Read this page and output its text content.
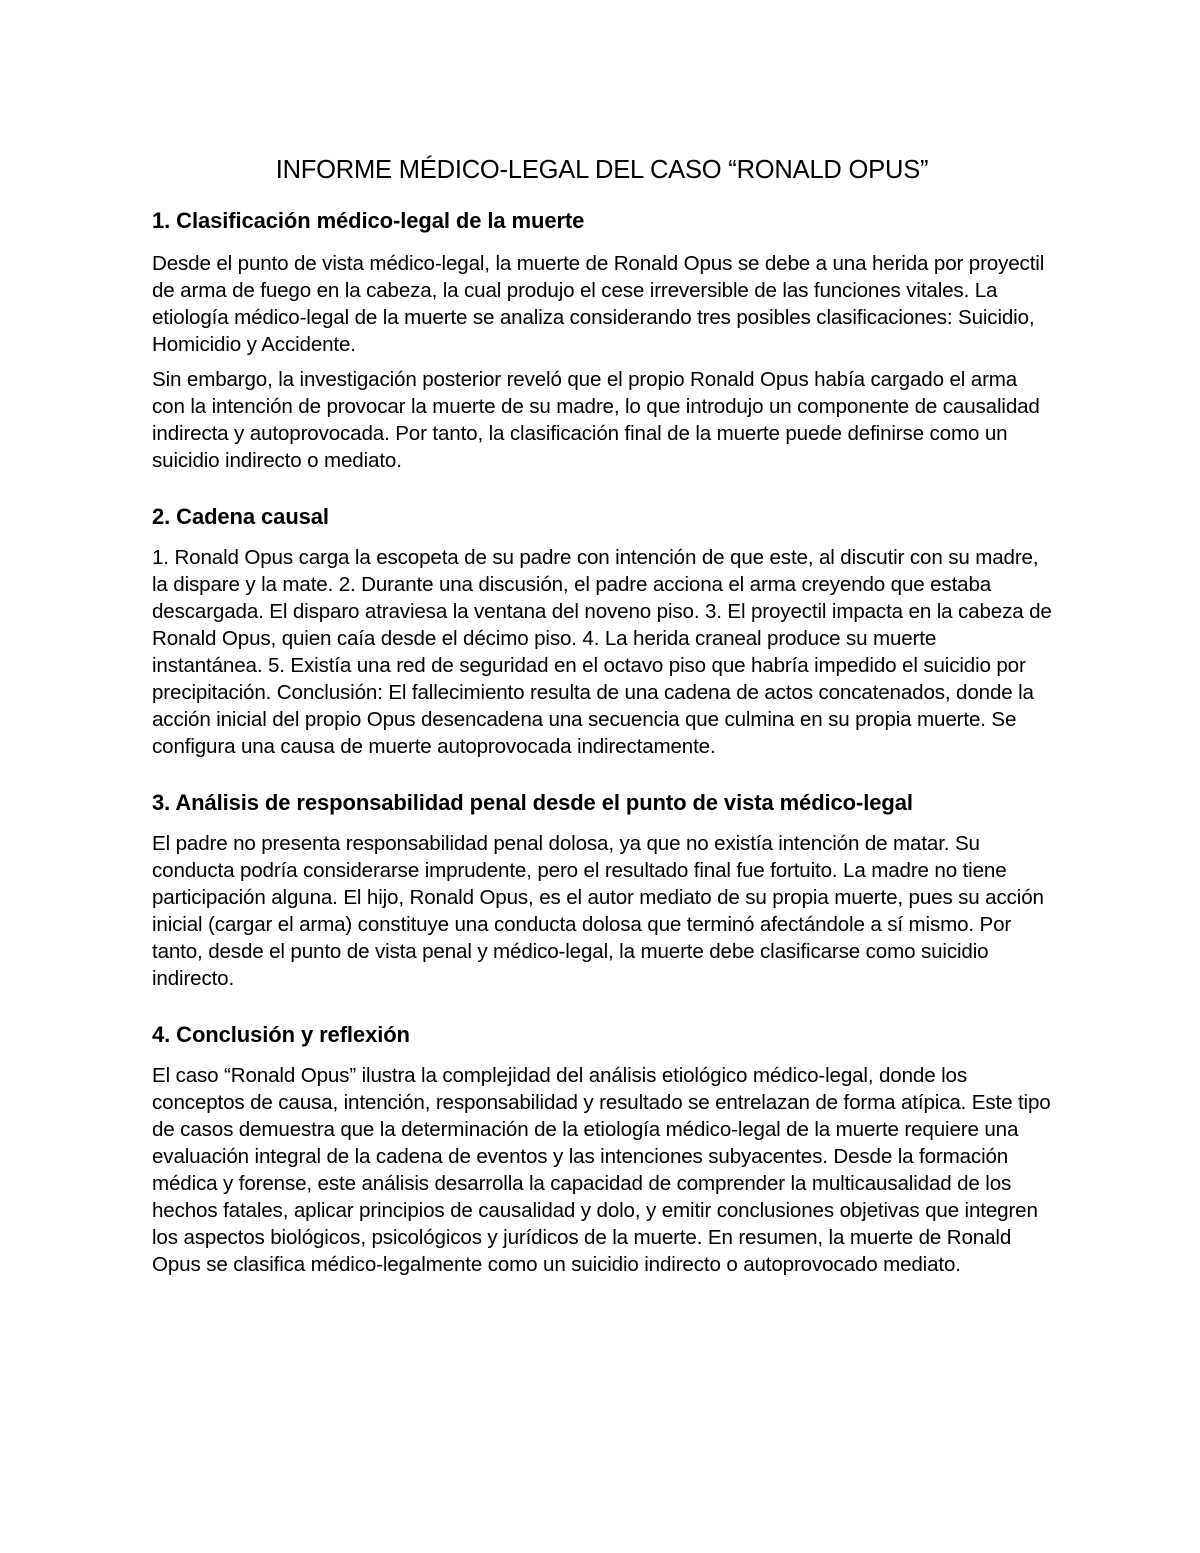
INFORME MÉDICO-LEGAL DEL CASO “RONALD OPUS”
1. Clasificación médico-legal de la muerte

Desde el punto de vista médico-legal, la muerte de Ronald Opus se debe a una herida por proyectil de arma de fuego en la cabeza, la cual produjo el cese irreversible de las funciones vitales. La etiología médico-legal de la muerte se analiza considerando tres posibles clasificaciones: Suicidio, Homicidio y Accidente.

Sin embargo, la investigación posterior reveló que el propio Ronald Opus había cargado el arma con la intención de provocar la muerte de su madre, lo que introdujo un componente de causalidad indirecta y autoprovocada. Por tanto, la clasificación final de la muerte puede definirse como un suicidio indirecto o mediato.

2. Cadena causal

1. Ronald Opus carga la escopeta de su padre con intención de que este, al discutir con su madre, la dispare y la mate. 2. Durante una discusión, el padre acciona el arma creyendo que estaba descargada. El disparo atraviesa la ventana del noveno piso. 3. El proyectil impacta en la cabeza de Ronald Opus, quien caía desde el décimo piso. 4. La herida craneal produce su muerte instantánea. 5. Existía una red de seguridad en el octavo piso que habría impedido el suicidio por precipitación. Conclusión: El fallecimiento resulta de una cadena de actos concatenados, donde la acción inicial del propio Opus desencadena una secuencia que culmina en su propia muerte. Se configura una causa de muerte autoprovocada indirectamente.

3. Análisis de responsabilidad penal desde el punto de vista médico-legal

El padre no presenta responsabilidad penal dolosa, ya que no existía intención de matar. Su conducta podría considerarse imprudente, pero el resultado final fue fortuito. La madre no tiene participación alguna. El hijo, Ronald Opus, es el autor mediato de su propia muerte, pues su acción inicial (cargar el arma) constituye una conducta dolosa que terminó afectándole a sí mismo. Por tanto, desde el punto de vista penal y médico-legal, la muerte debe clasificarse como suicidio indirecto.

4. Conclusión y reflexión

El caso “Ronald Opus” ilustra la complejidad del análisis etiológico médico-legal, donde los conceptos de causa, intención, responsabilidad y resultado se entrelazan de forma atípica. Este tipo de casos demuestra que la determinación de la etiología médico-legal de la muerte requiere una evaluación integral de la cadena de eventos y las intenciones subyacentes. Desde la formación médica y forense, este análisis desarrolla la capacidad de comprender la multicausalidad de los hechos fatales, aplicar principios de causalidad y dolo, y emitir conclusiones objetivas que integren los aspectos biológicos, psicológicos y jurídicos de la muerte. En resumen, la muerte de Ronald Opus se clasifica médico-legalmente como un suicidio indirecto o autoprovocado mediato.
